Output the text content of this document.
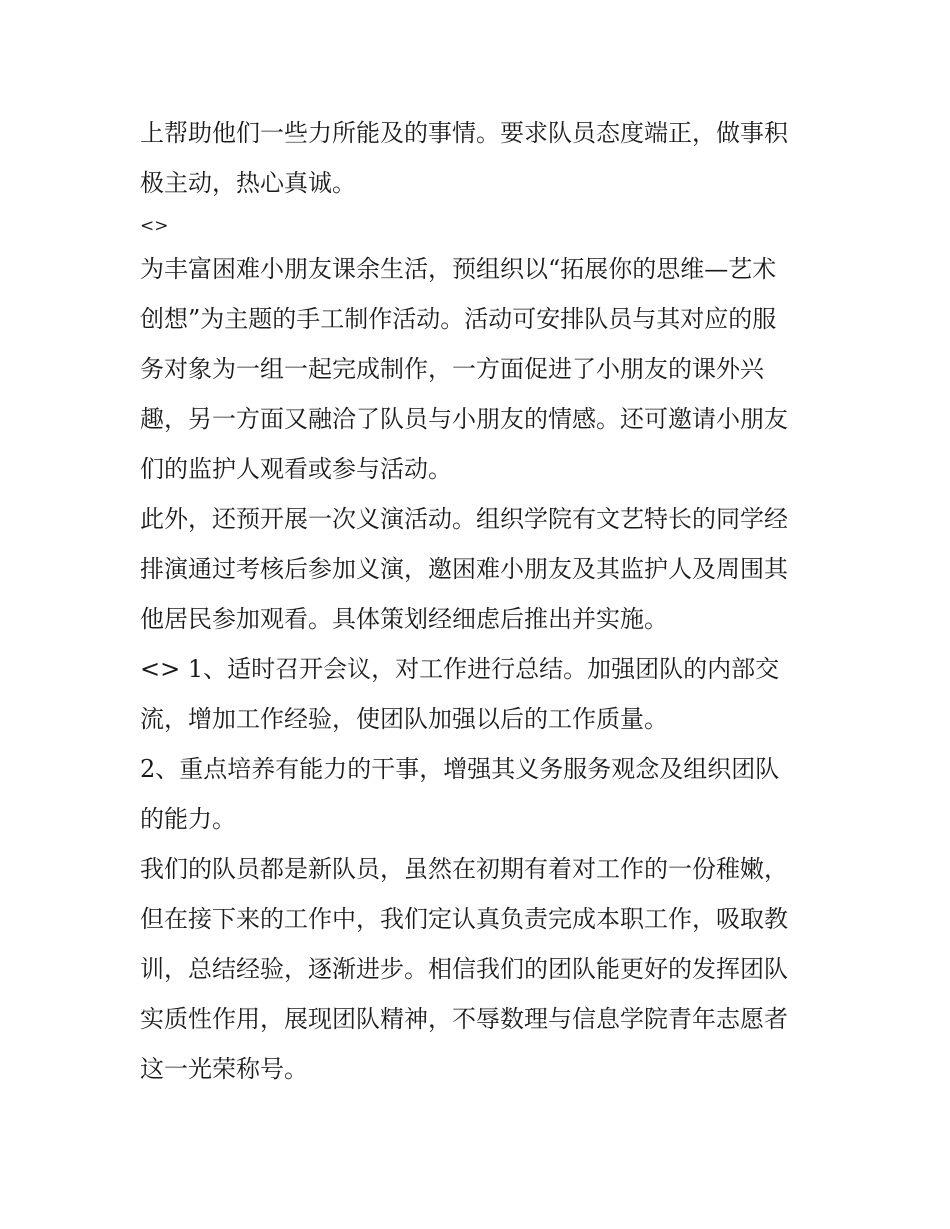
上帮助他们一些力所能及的事情。要求队员态度端正，做事积
极主动，热心真诚。
<>
为丰富困难小朋友课余生活，预组织以“拓展你的思维—艺术
创想”为主题的手工制作活动。活动可安排队员与其对应的服
务对象为一组一起完成制作，一方面促进了小朋友的课外兴
趣，另一方面又融洽了队员与小朋友的情感。还可邀请小朋友
们的监护人观看或参与活动。
此外，还预开展一次义演活动。组织学院有文艺特长的同学经
排演通过考核后参加义演，邀困难小朋友及其监护人及周围其
他居民参加观看。具体策划经细虑后推出并实施。
<> 1、适时召开会议，对工作进行总结。加强团队的内部交
流，增加工作经验，使团队加强以后的工作质量。
2、重点培养有能力的干事，增强其义务服务观念及组织团队
的能力。
我们的队员都是新队员，虽然在初期有着对工作的一份稚嫩，
但在接下来的工作中，我们定认真负责完成本职工作，吸取教
训，总结经验，逐渐进步。相信我们的团队能更好的发挥团队
实质性作用，展现团队精神，不辱数理与信息学院青年志愿者
这一光荣称号。
